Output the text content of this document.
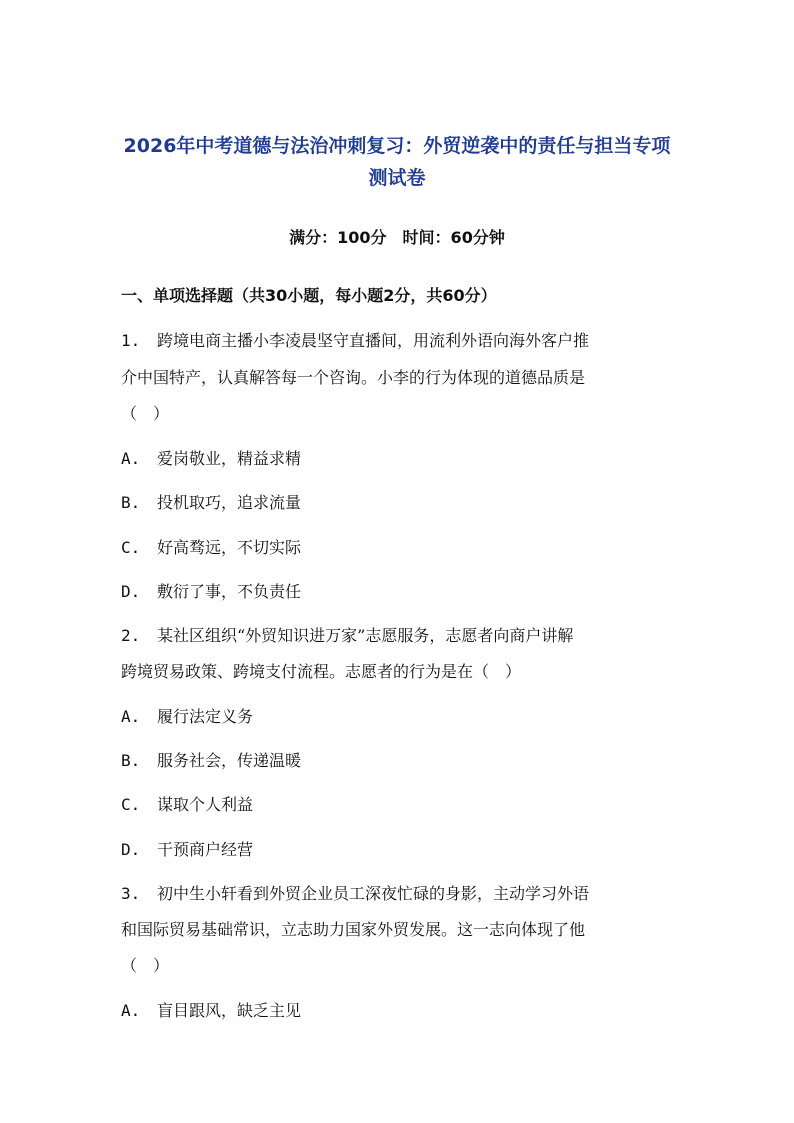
2026年中考道德与法治冲刺复习：外贸逆袭中的责任与担当专项
测试卷
满分：100分　时间：60分钟
一、单项选择题（共30小题，每小题2分，共60分）
1. 跨境电商主播小李凌晨坚守直播间，用流利外语向海外客户推
介中国特产，认真解答每一个咨询。小李的行为体现的道德品质是
（　）
A. 爱岗敬业，精益求精
B. 投机取巧，追求流量
C. 好高骛远，不切实际
D. 敷衍了事，不负责任
2. 某社区组织“外贸知识进万家”志愿服务，志愿者向商户讲解
跨境贸易政策、跨境支付流程。志愿者的行为是在（　）
A. 履行法定义务
B. 服务社会，传递温暖
C. 谋取个人利益
D. 干预商户经营
3. 初中生小轩看到外贸企业员工深夜忙碌的身影，主动学习外语
和国际贸易基础常识，立志助力国家外贸发展。这一志向体现了他
（　）
A. 盲目跟风，缺乏主见
